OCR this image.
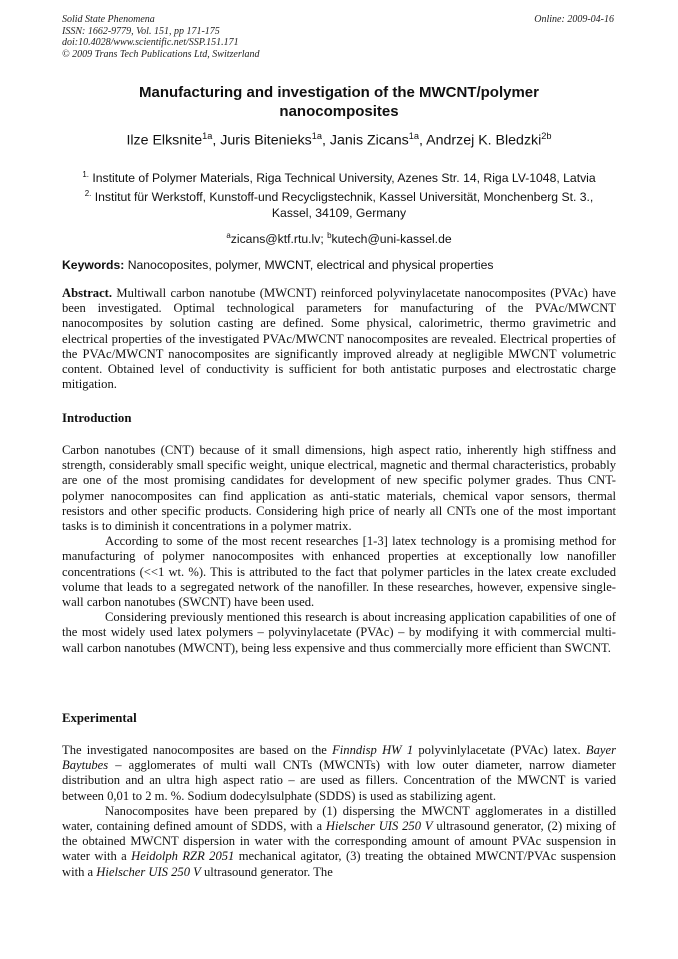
Solid State Phenomena
ISSN: 1662-9779, Vol. 151, pp 171-175
doi:10.4028/www.scientific.net/SSP.151.171
© 2009 Trans Tech Publications Ltd, Switzerland
Online: 2009-04-16
Manufacturing and investigation of the MWCNT/polymer
nanocomposites
Ilze Elksnite$^{1a}$, Juris Bitenieks$^{1a}$, Janis Zicans$^{1a}$, Andrzej K. Bledzki$^{2b}$
$^{1.}$ Institute of Polymer Materials, Riga Technical University, Azenes Str. 14, Riga LV-1048, Latvia
$^{2.}$ Institut für Werkstoff, Kunstoff-und Recycligstechnik, Kassel Universität, Monchenberg St. 3.,
Kassel, 34109, Germany
$^a$zicans@ktf.rtu.lv; $^b$kutech@uni-kassel.de
Keywords: Nanocoposites, polymer, MWCNT, electrical and physical properties

Abstract. Multiwall carbon nanotube (MWCNT) reinforced polyvinylacetate nanocomposites (PVAc) have been investigated. Optimal technological parameters for manufacturing of the PVAc/MWCNT nanocomposites by solution casting are defined. Some physical, calorimetric, thermo gravimetric and electrical properties of the investigated PVAc/MWCNT nanocomposites are revealed. Electrical properties of the PVAc/MWCNT nanocomposites are significantly improved already at negligible MWCNT volumetric content. Obtained level of conductivity is sufficient for both antistatic purposes and electrostatic charge mitigation.

Introduction

Carbon nanotubes (CNT) because of it small dimensions, high aspect ratio, inherently high stiffness and strength, considerably small specific weight, unique electrical, magnetic and thermal characteristics, probably are one of the most promising candidates for development of new specific polymer grades. Thus CNT-polymer nanocomposites can find application as anti-static materials, chemical vapor sensors, thermal resistors and other specific products. Considering high price of nearly all CNTs one of the most important tasks is to diminish it concentrations in a polymer matrix.

According to some of the most recent researches [1-3] latex technology is a promising method for manufacturing of polymer nanocomposites with enhanced properties at exceptionally low nanofiller concentrations (<<1 wt. %). This is attributed to the fact that polymer particles in the latex create excluded volume that leads to a segregated network of the nanofiller. In these researches, however, expensive single-wall carbon nanotubes (SWCNT) have been used.

Considering previously mentioned this research is about increasing application capabilities of one of the most widely used latex polymers – polyvinylacetate (PVAc) – by modifying it with commercial multi-wall carbon nanotubes (MWCNT), being less expensive and thus commercially more efficient than SWCNT.

Experimental

The investigated nanocomposites are based on the Finndisp HW 1 polyvinlylacetate (PVAc) latex. Bayer Baytubes – agglomerates of multi wall CNTs (MWCNTs) with low outer diameter, narrow diameter distribution and an ultra high aspect ratio – are used as fillers. Concentration of the MWCNT is varied between 0,01 to 2 m. %. Sodium dodecylsulphate (SDDS) is used as stabilizing agent.

Nanocomposites have been prepared by (1) dispersing the MWCNT agglomerates in a distilled water, containing defined amount of SDDS, with a Hielscher UIS 250 V ultrasound generator, (2) mixing of the obtained MWCNT dispersion in water with the corresponding amount of amount PVAc suspension in water with a Heidolph RZR 2051 mechanical agitator, (3) treating the obtained MWCNT/PVAc suspension with a Hielscher UIS 250 V ultrasound generator. The
